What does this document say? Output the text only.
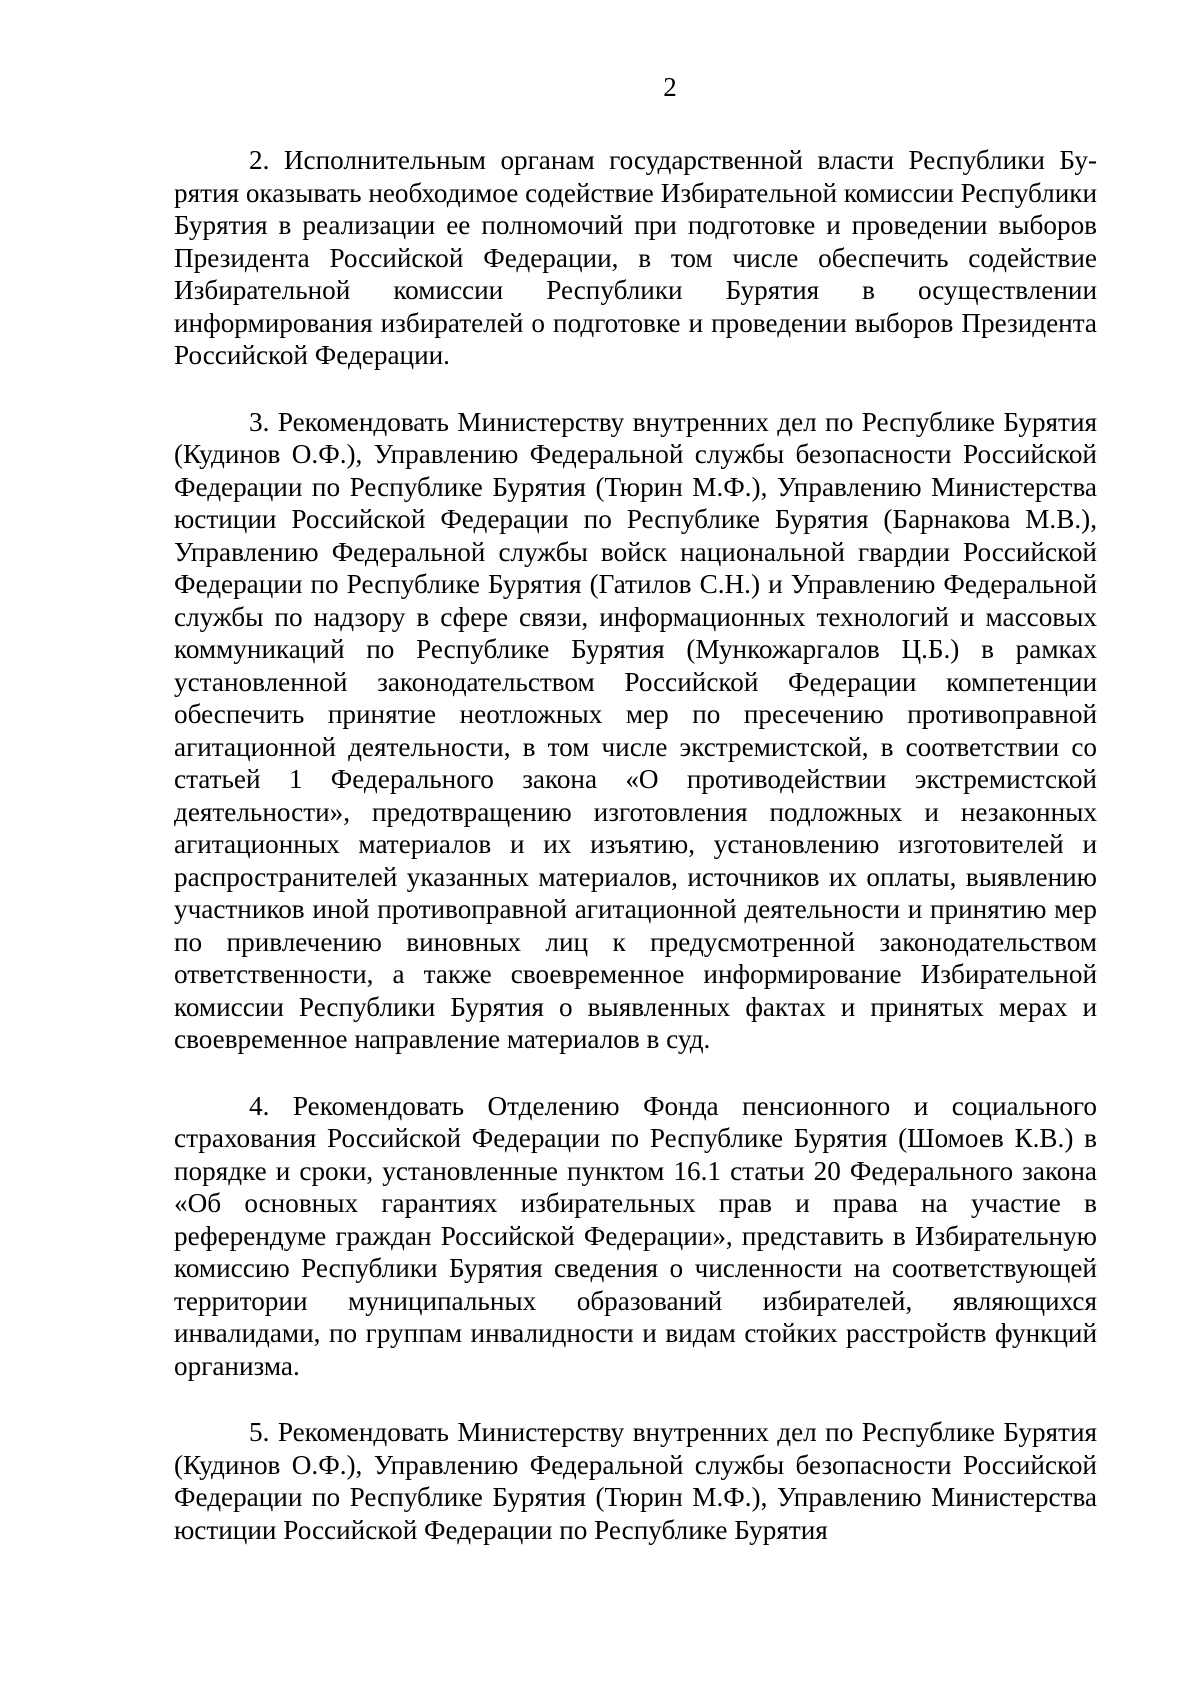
2

2. Исполнительным органам государственной власти Республики Бурятия оказывать необходимое содействие Избирательной комиссии Республики Бурятия в реализации ее полномочий при подготовке и проведении выборов Президента Российской Федерации, в том числе обеспечить содействие Избирательной комиссии Республики Бурятия в осуществлении информирования избирателей о подготовке и проведении выборов Президента Российской Федерации.

3. Рекомендовать Министерству внутренних дел по Республике Бурятия (Кудинов О.Ф.), Управлению Федеральной службы безопасности Российской Федерации по Республике Бурятия (Тюрин М.Ф.), Управлению Министерства юстиции Российской Федерации по Республике Бурятия (Барнакова М.В.), Управлению Федеральной службы войск национальной гвардии Российской Федерации по Республике Бурятия (Гатилов С.Н.) и Управлению Федеральной службы по надзору в сфере связи, информационных технологий и массовых коммуникаций по Республике Бурятия (Мункожаргалов Ц.Б.) в рамках установленной законодательством Российской Федерации компетенции обеспечить принятие неотложных мер по пресечению противоправной агитационной деятельности, в том числе экстремистской, в соответствии со статьей 1 Федерального закона «О противодействии экстремистской деятельности», предотвращению изготовления подложных и незаконных агитационных материалов и их изъятию, установлению изготовителей и распространителей указанных материалов, источников их оплаты, выявлению участников иной противоправной агитационной деятельности и принятию мер по привлечению виновных лиц к предусмотренной законодательством ответственности, а также своевременное информирование Избирательной комиссии Республики Бурятия о выявленных фактах и принятых мерах и своевременное направление материалов в суд.

4. Рекомендовать Отделению Фонда пенсионного и социального страхования Российской Федерации по Республике Бурятия (Шомоев К.В.) в порядке и сроки, установленные пунктом 16.1 статьи 20 Федерального закона «Об основных гарантиях избирательных прав и права на участие в референдуме граждан Российской Федерации», представить в Избирательную комиссию Республики Бурятия сведения о численности на соответствующей территории муниципальных образований избирателей, являющихся инвалидами, по группам инвалидности и видам стойких расстройств функций организма.

5. Рекомендовать Министерству внутренних дел по Республике Бурятия (Кудинов О.Ф.), Управлению Федеральной службы безопасности Российской Федерации по Республике Бурятия (Тюрин М.Ф.), Управлению Министерства юстиции Российской Федерации по Республике Бурятия
